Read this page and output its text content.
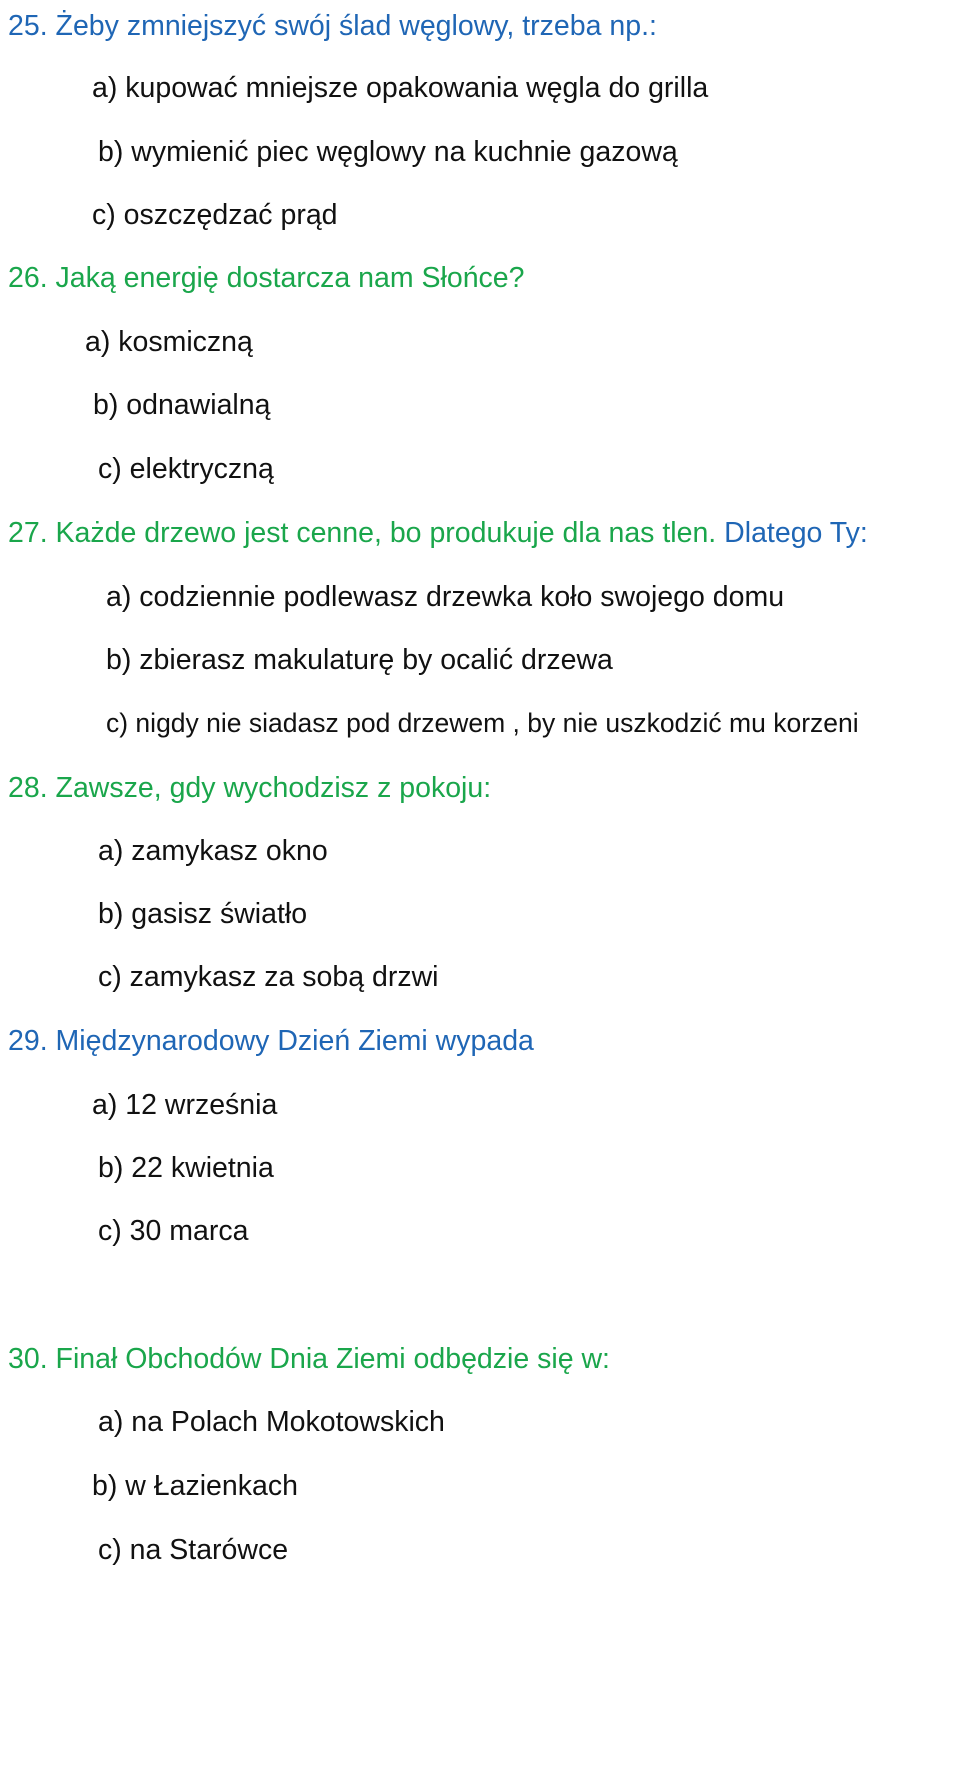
25. Żeby zmniejszyć swój ślad węglowy, trzeba np.:
a) kupować mniejsze opakowania węgla do grilla
b) wymienić piec węglowy na kuchnie gazową
c) oszczędzać prąd
26. Jaką energię dostarcza nam Słońce?
a) kosmiczną
b) odnawialną
c) elektryczną
27. Każde drzewo jest cenne, bo produkuje dla nas tlen. Dlatego Ty:
a) codziennie podlewasz drzewka koło swojego domu
b) zbierasz makulaturę by ocalić drzewa
c) nigdy nie siadasz pod drzewem , by nie uszkodzić mu korzeni
28. Zawsze, gdy wychodzisz z pokoju:
a) zamykasz okno
b) gasisz światło
c) zamykasz za sobą drzwi
29. Międzynarodowy Dzień Ziemi wypada
a) 12 września
b) 22 kwietnia
c) 30 marca
30. Finał Obchodów Dnia Ziemi odbędzie się w:
a) na Polach Mokotowskich
b) w Łazienkach
c) na Starówce
